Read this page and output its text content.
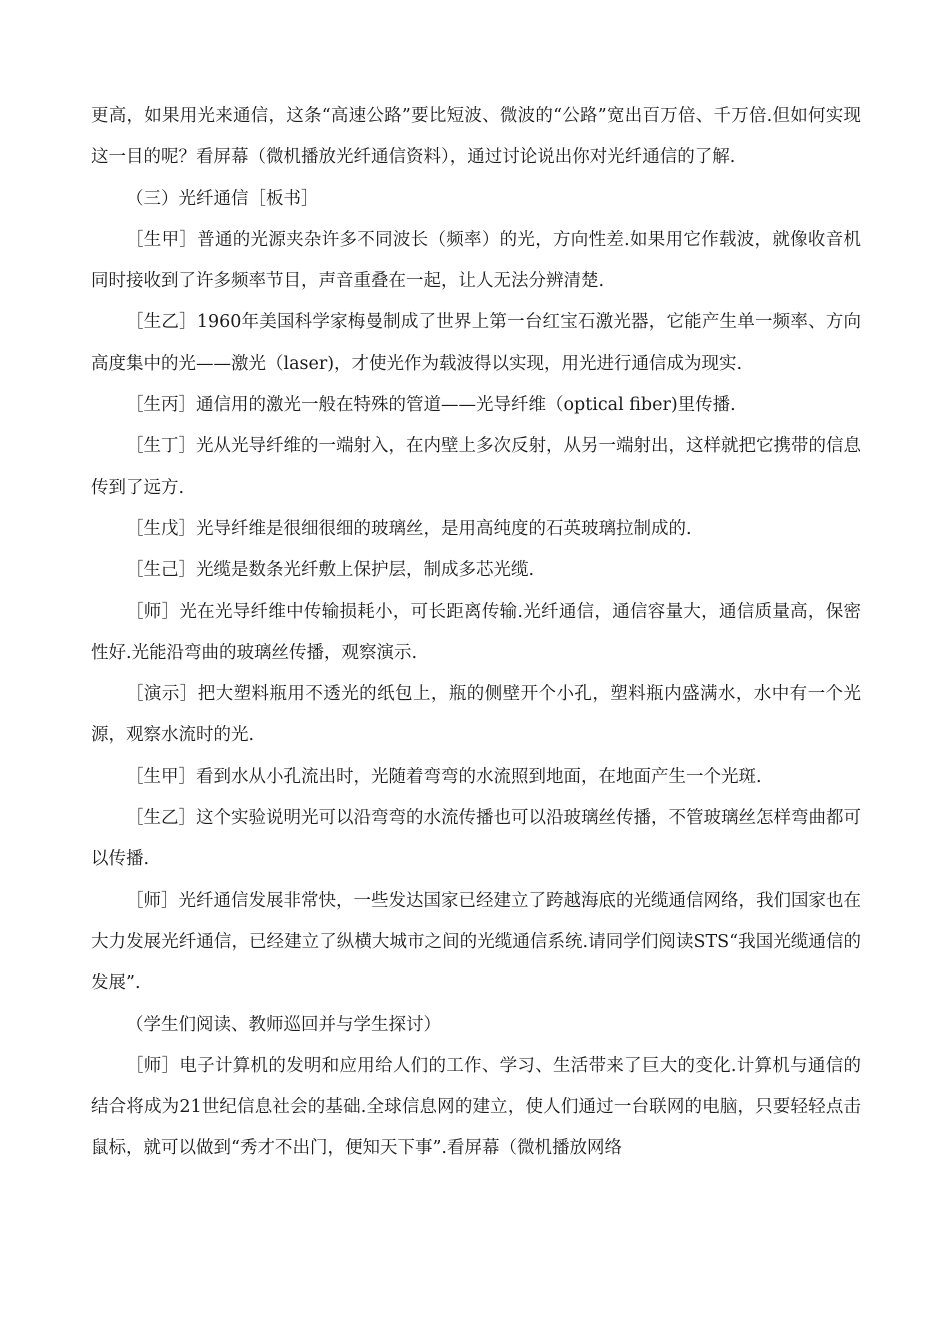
更高，如果用光来通信，这条“高速公路”要比短波、微波的“公路”宽出百万倍、千万倍.但如何实现这一目的呢？看屏幕（微机播放光纤通信资料），通过讨论说出你对光纤通信的了解.

（三）光纤通信［板书］

［生甲］普通的光源夹杂许多不同波长（频率）的光，方向性差.如果用它作载波，就像收音机同时接收到了许多频率节目，声音重叠在一起，让人无法分辨清楚.

［生乙］1960年美国科学家梅曼制成了世界上第一台红宝石激光器，它能产生单一频率、方向高度集中的光——激光（laser)，才使光作为载波得以实现，用光进行通信成为现实.

［生丙］通信用的激光一般在特殊的管道——光导纤维（optical fiber)里传播.

［生丁］光从光导纤维的一端射入，在内壁上多次反射，从另一端射出，这样就把它携带的信息传到了远方.

［生戊］光导纤维是很细很细的玻璃丝，是用高纯度的石英玻璃拉制成的.

［生己］光缆是数条光纤敷上保护层，制成多芯光缆.

［师］光在光导纤维中传输损耗小，可长距离传输.光纤通信，通信容量大，通信质量高，保密性好.光能沿弯曲的玻璃丝传播，观察演示.

［演示］把大塑料瓶用不透光的纸包上，瓶的侧壁开个小孔，塑料瓶内盛满水，水中有一个光源，观察水流时的光.

［生甲］看到水从小孔流出时，光随着弯弯的水流照到地面，在地面产生一个光斑.

［生乙］这个实验说明光可以沿弯弯的水流传播也可以沿玻璃丝传播，不管玻璃丝怎样弯曲都可以传播.

［师］光纤通信发展非常快，一些发达国家已经建立了跨越海底的光缆通信网络，我们国家也在大力发展光纤通信，已经建立了纵横大城市之间的光缆通信系统.请同学们阅读STS“我国光缆通信的发展”.

（学生们阅读、教师巡回并与学生探讨）

［师］电子计算机的发明和应用给人们的工作、学习、生活带来了巨大的变化.计算机与通信的结合将成为21世纪信息社会的基础.全球信息网的建立，使人们通过一台联网的电脑，只要轻轻点击鼠标，就可以做到“秀才不出门，便知天下事”.看屏幕（微机播放网络
